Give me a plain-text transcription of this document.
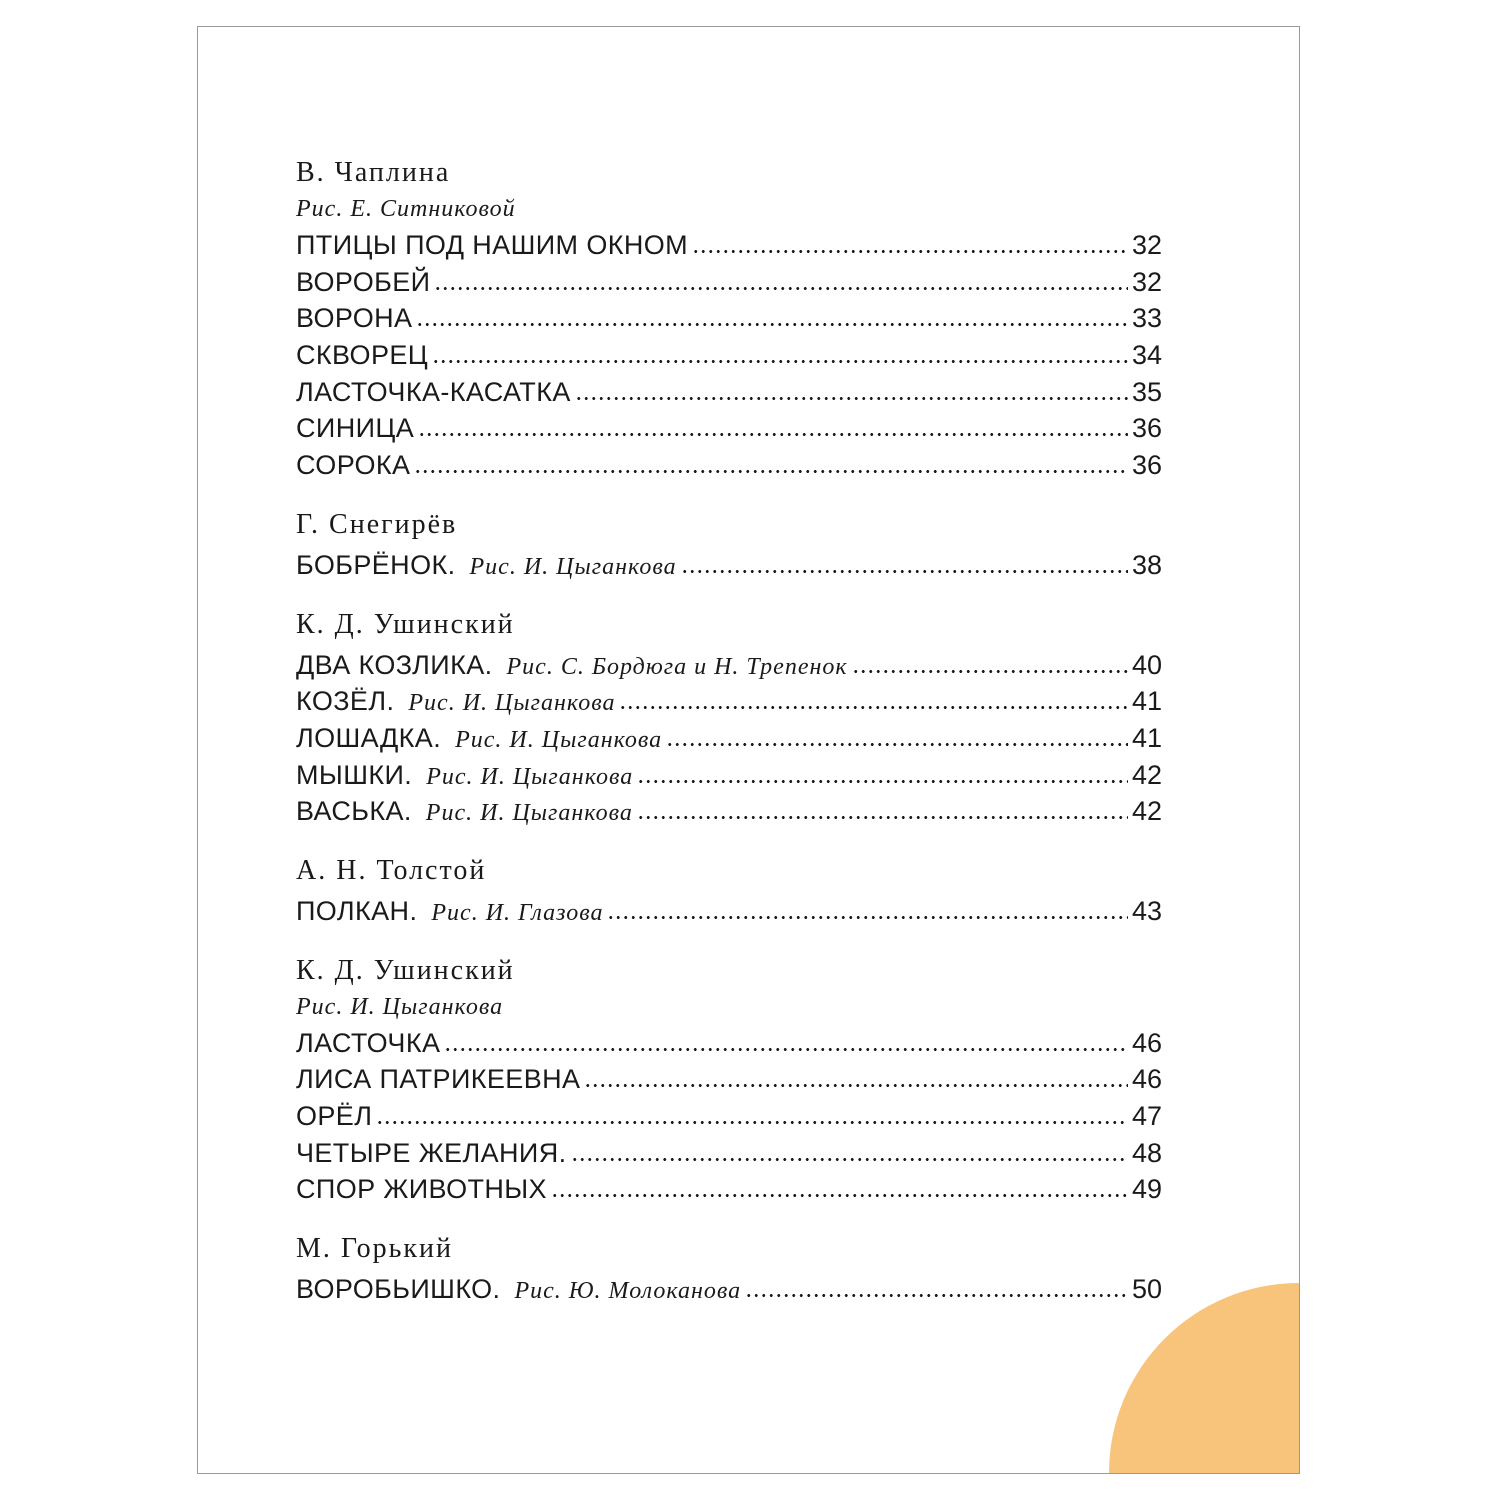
В. Чаплина
Рис. Е. Ситниковой
ПТИЦЫ ПОД НАШИМ ОКНОМ	32
ВОРОБЕЙ	32
ВОРОНА	33
СКВОРЕЦ	34
ЛАСТОЧКА-КАСАТКА	35
СИНИЦА	36
СОРОКА	36
Г. Снегирёв
БОБРЁНОК. Рис. И. Цыганкова	38
К. Д. Ушинский
ДВА КОЗЛИКА. Рис. С. Бордюга и Н. Трепенок	40
КОЗЁЛ. Рис. И. Цыганкова	41
ЛОШАДКА. Рис. И. Цыганкова	41
МЫШКИ. Рис. И. Цыганкова	42
ВАСЬКА. Рис. И. Цыганкова	42
А. Н. Толстой
ПОЛКАН. Рис. И. Глазова	43
К. Д. Ушинский
Рис. И. Цыганкова
ЛАСТОЧКА	46
ЛИСА ПАТРИКЕЕВНА	46
ОРЁЛ	47
ЧЕТЫРЕ ЖЕЛАНИЯ.	48
СПОР ЖИВОТНЫХ	49
М. Горький
ВОРОБЬИШКО. Рис. Ю. Молоканова	50
233
